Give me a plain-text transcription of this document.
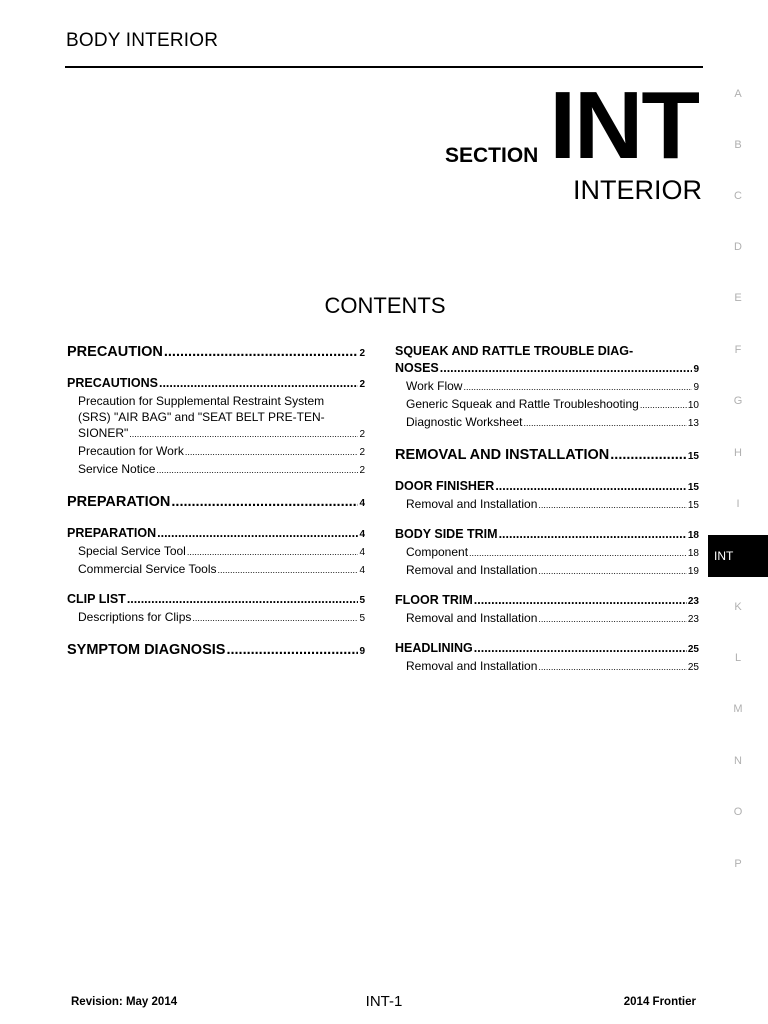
BODY INTERIOR
SECTION INT
INTERIOR
CONTENTS
PRECAUTION .....	2
PRECAUTIONS .....	2
Precaution for Supplemental Restraint System
(SRS) "AIR BAG" and "SEAT BELT PRE-TEN-
SIONER" .....	2
Precaution for Work .....	2
Service Notice .....	2
PREPARATION .....	4
PREPARATION .....	4
Special Service Tool .....	4
Commercial Service Tools .....	4
CLIP LIST .....	5
Descriptions for Clips .....	5
SYMPTOM DIAGNOSIS .....	9
SQUEAK AND RATTLE TROUBLE DIAG-
NOSES .....	9
Work Flow .....	9
Generic Squeak and Rattle Troubleshooting .....	10
Diagnostic Worksheet .....	13
REMOVAL AND INSTALLATION .....	15
DOOR FINISHER .....	15
Removal and Installation .....	15
BODY SIDE TRIM .....	18
Component .....	18
Removal and Installation .....	19
FLOOR TRIM .....	23
Removal and Installation .....	23
HEADLINING .....	25
Removal and Installation .....	25
A
B
C
D
E
F
G
H
I
K
L
M
N
O
P
INT
Revision: May 2014	INT-1	2014 Frontier
